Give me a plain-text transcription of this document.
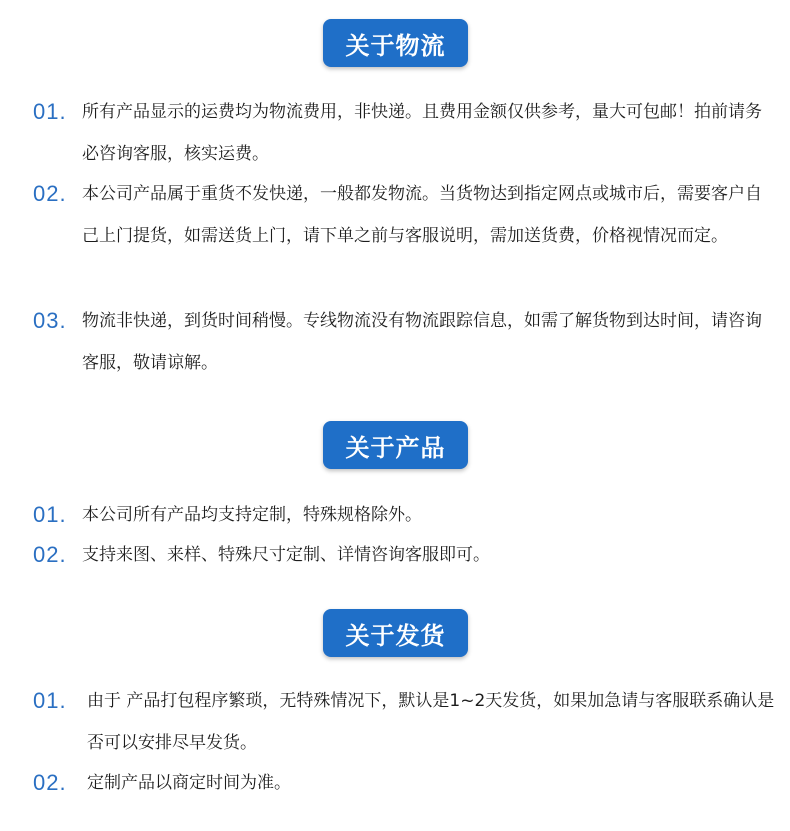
关于物流
01. 所有产品显示的运费均为物流费用，非快递。且费用金额仅供参考，量大可包邮！拍前请务必咨询客服，核实运费。
02. 本公司产品属于重货不发快递，一般都发物流。当货物达到指定网点或城市后，需要客户自己上门提货，如需送货上门，请下单之前与客服说明，需加送货费，价格视情况而定。
03. 物流非快递，到货时间稍慢。专线物流没有物流跟踪信息，如需了解货物到达时间，请咨询客服，敬请谅解。
关于产品
01. 本公司所有产品均支持定制，特殊规格除外。
02. 支持来图、来样、特殊尺寸定制、详情咨询客服即可。
关于发货
01. 由于 产品打包程序繁琐，无特殊情况下，默认是1~2天发货，如果加急请与客服联系确认是否可以安排尽早发货。
02. 定制产品以商定时间为准。
